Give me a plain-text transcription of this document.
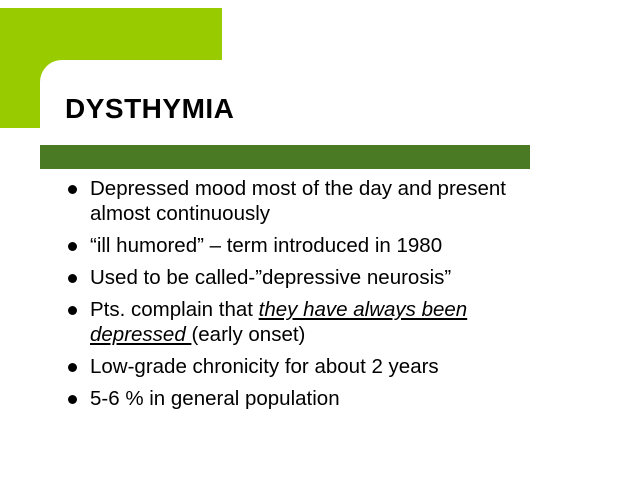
DYSTHYMIA
Depressed mood most of the day and present almost continuously
“ill humored” – term introduced in 1980
Used to be called-”depressive neurosis”
Pts. complain that they have always been depressed (early onset)
Low-grade chronicity for about 2 years
5-6 % in general population
